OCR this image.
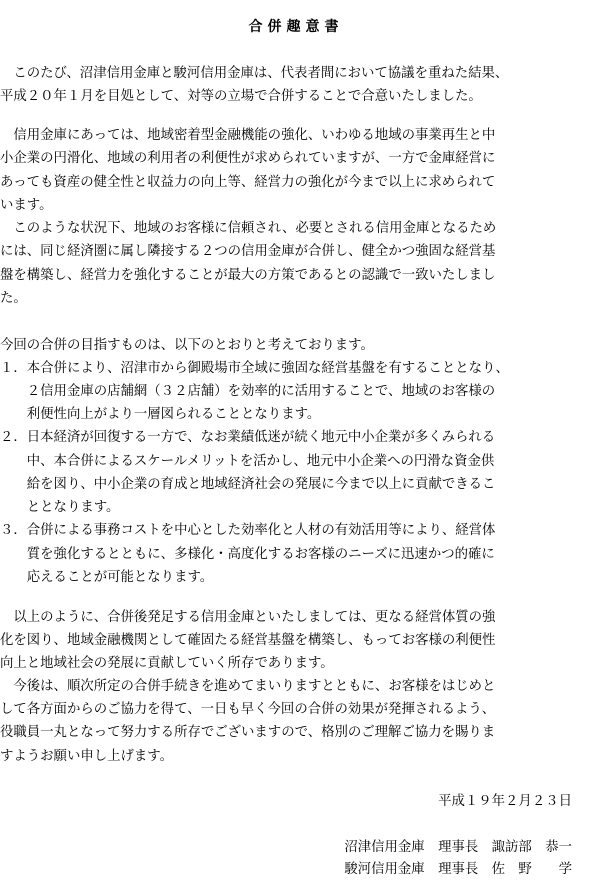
合併趣意書
　このたび、沼津信用金庫と駿河信用金庫は、代表者間において協議を重ねた結果、
平成２０年１月を目処として、対等の立場で合併することで合意いたしました。
　信用金庫にあっては、地域密着型金融機能の強化、いわゆる地域の事業再生と中
小企業の円滑化、地域の利用者の利便性が求められていますが、一方で金庫経営に
あっても資産の健全性と収益力の向上等、経営力の強化が今まで以上に求められて
います。
　このような状況下、地域のお客様に信頼され、必要とされる信用金庫となるため
には、同じ経済圏に属し隣接する２つの信用金庫が合併し、健全かつ強固な経営基
盤を構築し、経営力を強化することが最大の方策であるとの認識で一致いたしまし
た。
今回の合併の目指すものは、以下のとおりと考えております。
１．本合併により、沼津市から御殿場市全域に強固な経営基盤を有することとなり、
　　２信用金庫の店舗網（３２店舗）を効率的に活用することで、地域のお客様の
　　利便性向上がより一層図られることとなります。
２．日本経済が回復する一方で、なお業績低迷が続く地元中小企業が多くみられる
　　中、本合併によるスケールメリットを活かし、地元中小企業への円滑な資金供
　　給を図り、中小企業の育成と地域経済社会の発展に今まで以上に貢献できるこ
　　ととなります。
３．合併による事務コストを中心とした効率化と人材の有効活用等により、経営体
　　質を強化するとともに、多様化・高度化するお客様のニーズに迅速かつ的確に
　　応えることが可能となります。
　以上のように、合併後発足する信用金庫といたしましては、更なる経営体質の強
化を図り、地域金融機関として確固たる経営基盤を構築し、もってお客様の利便性
向上と地域社会の発展に貢献していく所存であります。
　今後は、順次所定の合併手続きを進めてまいりますとともに、お客様をはじめと
して各方面からのご協力を得て、一日も早く今回の合併の効果が発揮されるよう、
役職員一丸となって努力する所存でございますので、格別のご理解ご協力を賜りま
すようお願い申し上げます。
平成１９年２月２３日
沼津信用金庫　理事長　諏訪部　恭一
駿河信用金庫　理事長　佐　野　　学
